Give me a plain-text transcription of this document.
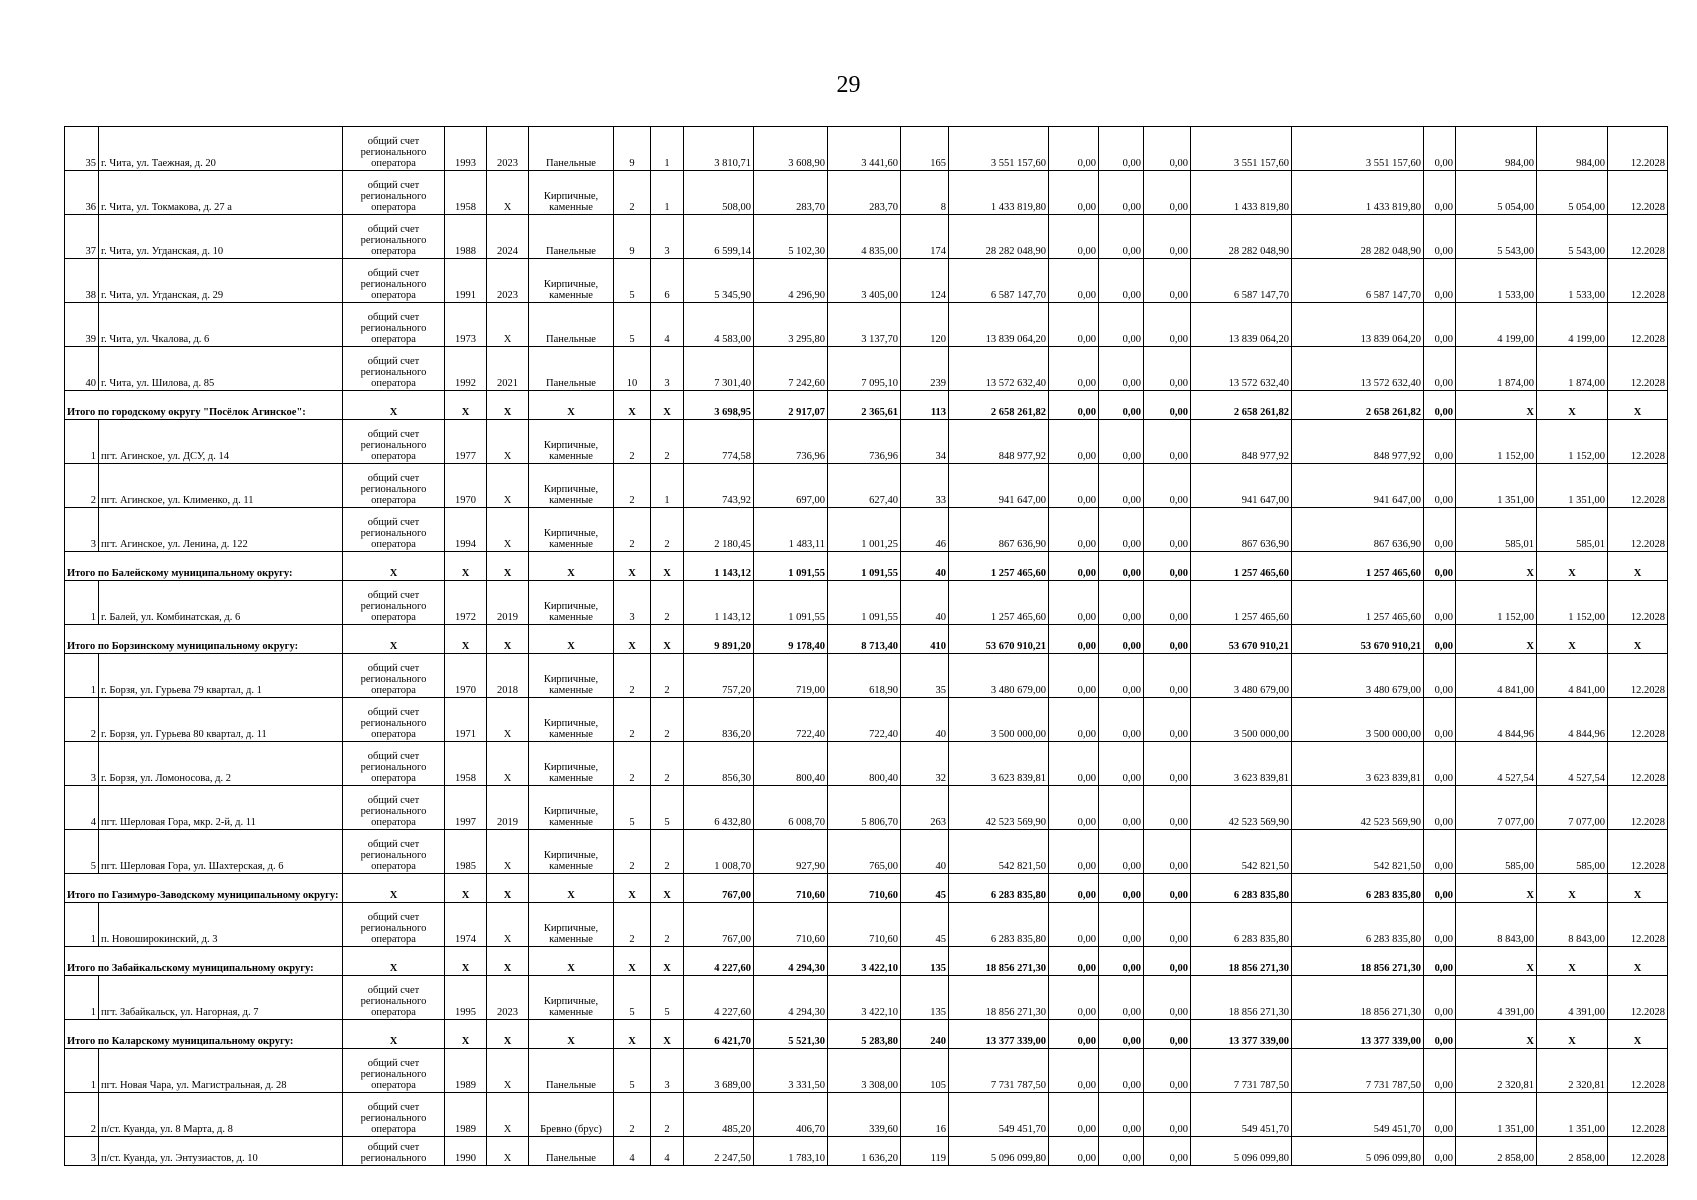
29
35	г. Чита, ул. Таежная, д. 20	общий счет регионального оператора	1993	2023	Панельные	9	1	3 810,71	3 608,90	3 441,60	165	3 551 157,60	0,00	0,00	0,00	3 551 157,60	3 551 157,60	0,00	984,00	984,00	12.2028
36	г. Чита, ул. Токмакова, д. 27 а	общий счет регионального оператора	1958	X	Кирпичные, каменные	2	1	508,00	283,70	283,70	8	1 433 819,80	0,00	0,00	0,00	1 433 819,80	1 433 819,80	0,00	5 054,00	5 054,00	12.2028
37	г. Чита, ул. Угданская, д. 10	общий счет регионального оператора	1988	2024	Панельные	9	3	6 599,14	5 102,30	4 835,00	174	28 282 048,90	0,00	0,00	0,00	28 282 048,90	28 282 048,90	0,00	5 543,00	5 543,00	12.2028
38	г. Чита, ул. Угданская, д. 29	общий счет регионального оператора	1991	2023	Кирпичные, каменные	5	6	5 345,90	4 296,90	3 405,00	124	6 587 147,70	0,00	0,00	0,00	6 587 147,70	6 587 147,70	0,00	1 533,00	1 533,00	12.2028
39	г. Чита, ул. Чкалова, д. 6	общий счет регионального оператора	1973	X	Панельные	5	4	4 583,00	3 295,80	3 137,70	120	13 839 064,20	0,00	0,00	0,00	13 839 064,20	13 839 064,20	0,00	4 199,00	4 199,00	12.2028
40	г. Чита, ул. Шилова, д. 85	общий счет регионального оператора	1992	2021	Панельные	10	3	7 301,40	7 242,60	7 095,10	239	13 572 632,40	0,00	0,00	0,00	13 572 632,40	13 572 632,40	0,00	1 874,00	1 874,00	12.2028
Итого по городскому округу "Посёлок Агинское":		X	X	X	X	X	X	3 698,95	2 917,07	2 365,61	113	2 658 261,82	0,00	0,00	0,00	2 658 261,82	2 658 261,82	0,00	X	X	X
1	пгт. Агинское, ул. ДСУ, д. 14	общий счет регионального оператора	1977	X	Кирпичные, каменные	2	2	774,58	736,96	736,96	34	848 977,92	0,00	0,00	0,00	848 977,92	848 977,92	0,00	1 152,00	1 152,00	12.2028
2	пгт. Агинское, ул. Клименко, д. 11	общий счет регионального оператора	1970	X	Кирпичные, каменные	2	1	743,92	697,00	627,40	33	941 647,00	0,00	0,00	0,00	941 647,00	941 647,00	0,00	1 351,00	1 351,00	12.2028
3	пгт. Агинское, ул. Ленина, д. 122	общий счет регионального оператора	1994	X	Кирпичные, каменные	2	2	2 180,45	1 483,11	1 001,25	46	867 636,90	0,00	0,00	0,00	867 636,90	867 636,90	0,00	585,01	585,01	12.2028
Итого по Балейскому муниципальному округу:		X	X	X	X	X	X	1 143,12	1 091,55	1 091,55	40	1 257 465,60	0,00	0,00	0,00	1 257 465,60	1 257 465,60	0,00	X	X	X
1	г. Балей, ул. Комбинатская, д. 6	общий счет регионального оператора	1972	2019	Кирпичные, каменные	3	2	1 143,12	1 091,55	1 091,55	40	1 257 465,60	0,00	0,00	0,00	1 257 465,60	1 257 465,60	0,00	1 152,00	1 152,00	12.2028
Итого по Борзинскому муниципальному округу:		X	X	X	X	X	X	9 891,20	9 178,40	8 713,40	410	53 670 910,21	0,00	0,00	0,00	53 670 910,21	53 670 910,21	0,00	X	X	X
1	г. Борзя, ул. Гурьева 79 квартал, д. 1	общий счет регионального оператора	1970	2018	Кирпичные, каменные	2	2	757,20	719,00	618,90	35	3 480 679,00	0,00	0,00	0,00	3 480 679,00	3 480 679,00	0,00	4 841,00	4 841,00	12.2028
2	г. Борзя, ул. Гурьева 80 квартал, д. 11	общий счет регионального оператора	1971	X	Кирпичные, каменные	2	2	836,20	722,40	722,40	40	3 500 000,00	0,00	0,00	0,00	3 500 000,00	3 500 000,00	0,00	4 844,96	4 844,96	12.2028
3	г. Борзя, ул. Ломоносова, д. 2	общий счет регионального оператора	1958	X	Кирпичные, каменные	2	2	856,30	800,40	800,40	32	3 623 839,81	0,00	0,00	0,00	3 623 839,81	3 623 839,81	0,00	4 527,54	4 527,54	12.2028
4	пгт. Шерловая Гора, мкр. 2-й, д. 11	общий счет регионального оператора	1997	2019	Кирпичные, каменные	5	5	6 432,80	6 008,70	5 806,70	263	42 523 569,90	0,00	0,00	0,00	42 523 569,90	42 523 569,90	0,00	7 077,00	7 077,00	12.2028
5	пгт. Шерловая Гора, ул. Шахтерская, д. 6	общий счет регионального оператора	1985	X	Кирпичные, каменные	2	2	1 008,70	927,90	765,00	40	542 821,50	0,00	0,00	0,00	542 821,50	542 821,50	0,00	585,00	585,00	12.2028
Итого по Газимуро-Заводскому муниципальному округу:		X	X	X	X	X	X	767,00	710,60	710,60	45	6 283 835,80	0,00	0,00	0,00	6 283 835,80	6 283 835,80	0,00	X	X	X
1	п. Новоширокинский, д. 3	общий счет регионального оператора	1974	X	Кирпичные, каменные	2	2	767,00	710,60	710,60	45	6 283 835,80	0,00	0,00	0,00	6 283 835,80	6 283 835,80	0,00	8 843,00	8 843,00	12.2028
Итого по Забайкальскому муниципальному округу:		X	X	X	X	X	X	4 227,60	4 294,30	3 422,10	135	18 856 271,30	0,00	0,00	0,00	18 856 271,30	18 856 271,30	0,00	X	X	X
1	пгт. Забайкальск, ул. Нагорная, д. 7	общий счет регионального оператора	1995	2023	Кирпичные, каменные	5	5	4 227,60	4 294,30	3 422,10	135	18 856 271,30	0,00	0,00	0,00	18 856 271,30	18 856 271,30	0,00	4 391,00	4 391,00	12.2028
Итого по Каларскому муниципальному округу:		X	X	X	X	X	X	6 421,70	5 521,30	5 283,80	240	13 377 339,00	0,00	0,00	0,00	13 377 339,00	13 377 339,00	0,00	X	X	X
1	пгт. Новая Чара, ул. Магистральная, д. 28	общий счет регионального оператора	1989	X	Панельные	5	3	3 689,00	3 331,50	3 308,00	105	7 731 787,50	0,00	0,00	0,00	7 731 787,50	7 731 787,50	0,00	2 320,81	2 320,81	12.2028
2	п/ст. Куанда, ул. 8 Марта, д. 8	общий счет регионального оператора	1989	X	Бревно (брус)	2	2	485,20	406,70	339,60	16	549 451,70	0,00	0,00	0,00	549 451,70	549 451,70	0,00	1 351,00	1 351,00	12.2028
3	п/ст. Куанда, ул. Энтузиастов, д. 10	общий счет регионального	1990	X	Панельные	4	4	2 247,50	1 783,10	1 636,20	119	5 096 099,80	0,00	0,00	0,00	5 096 099,80	5 096 099,80	0,00	2 858,00	2 858,00	12.2028
